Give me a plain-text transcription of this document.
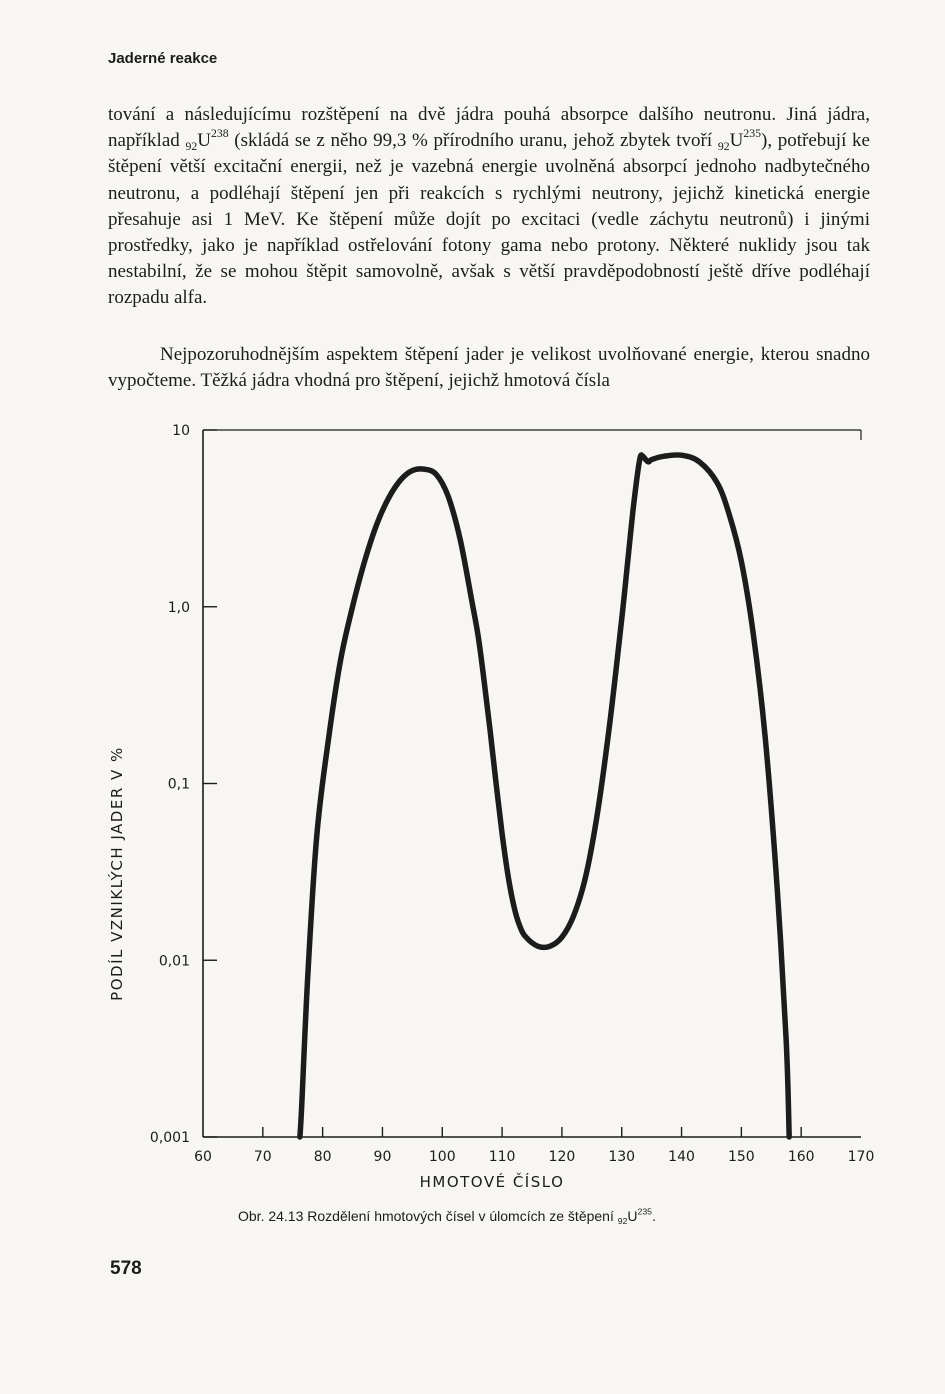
Jaderné reakce

tování a následujícímu rozštěpení na dvě jádra pouhá absorpce dalšího neutronu. Jiná jádra, například $_{92}U^{238}$ (skládá se z něho 99,3 % přírodního uranu, jehož zbytek tvoří $_{92}U^{235}$), potřebují ke štěpení větší excitační energii, než je vazebná energie uvolněná absorpcí jednoho nadbytečného neutronu, a podléhají štěpení jen při reakcích s rychlými neutrony, jejichž kinetická energie přesahuje asi 1 MeV. Ke štěpení může dojít po excitaci (vedle záchytu neutronů) i jinými prostředky, jako je například ostřelování fotony gama nebo protony. Některé nuklidy jsou tak nestabilní, že se mohou štěpit samovolně, avšak s větší pravděpodobností ještě dříve podléhají rozpadu alfa.

Nejpozoruhodnějším aspektem štěpení jader je velikost uvolňované energie, kterou snadno vypočteme. Těžká jádra vhodná pro štěpení, jejichž hmotová čísla

0,001
0,01
0,1
1,0
10
60	70	80	90	100 110 120 130 140 150 160 170
HMOTOVÉ ČÍSLO
PODÍL VZNIKLÝCH JADER V %
Obr. 24.13 Rozdělení hmotových čísel v úlomcích ze štěpení $_{92}U^{235}$.
578
